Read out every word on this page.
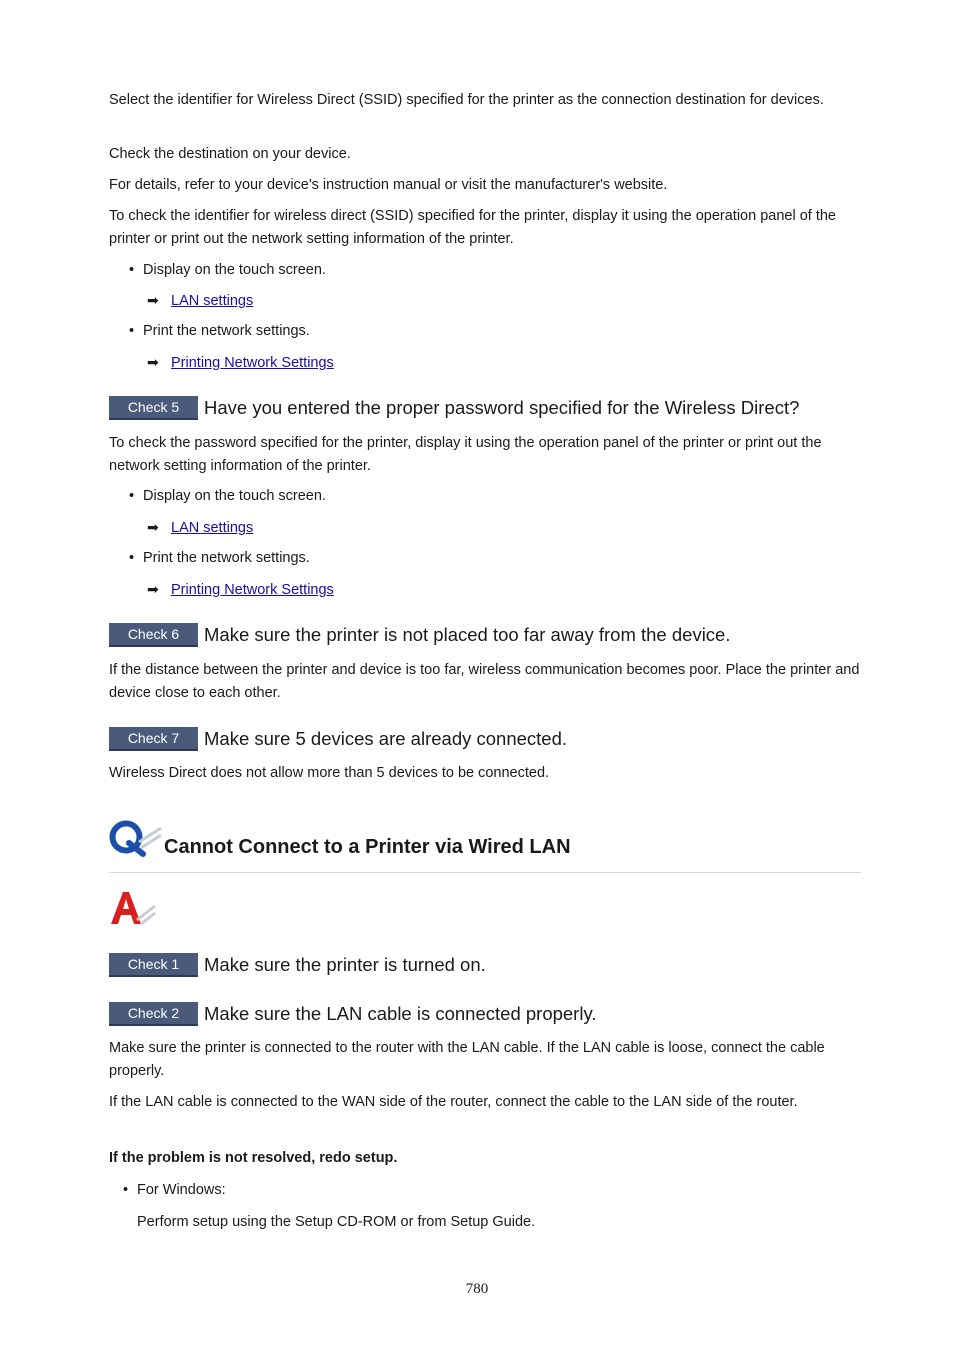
Select the identifier for Wireless Direct (SSID) specified for the printer as the connection destination for devices.

Check the destination on your device.

For details, refer to your device's instruction manual or visit the manufacturer's website.

To check the identifier for wireless direct (SSID) specified for the printer, display it using the operation panel of the printer or print out the network setting information of the printer.

• Display on the touch screen.
➡ LAN settings
• Print the network settings.
➡ Printing Network Settings
Check 5	Have you entered the proper password specified for the Wireless Direct?

To check the password specified for the printer, display it using the operation panel of the printer or print out the network setting information of the printer.

• Display on the touch screen.
➡ LAN settings
• Print the network settings.
➡ Printing Network Settings
Check 6	Make sure the printer is not placed too far away from the device.

If the distance between the printer and device is too far, wireless communication becomes poor. Place the printer and device close to each other.

Check 7	Make sure 5 devices are already connected.

Wireless Direct does not allow more than 5 devices to be connected.

Cannot Connect to a Printer via Wired LAN
Check 1	Make sure the printer is turned on.
Check 2	Make sure the LAN cable is connected properly.

Make sure the printer is connected to the router with the LAN cable. If the LAN cable is loose, connect the cable properly.

If the LAN cable is connected to the WAN side of the router, connect the cable to the LAN side of the router.

If the problem is not resolved, redo setup.

• For Windows:

Perform setup using the Setup CD-ROM or from Setup Guide.

780
